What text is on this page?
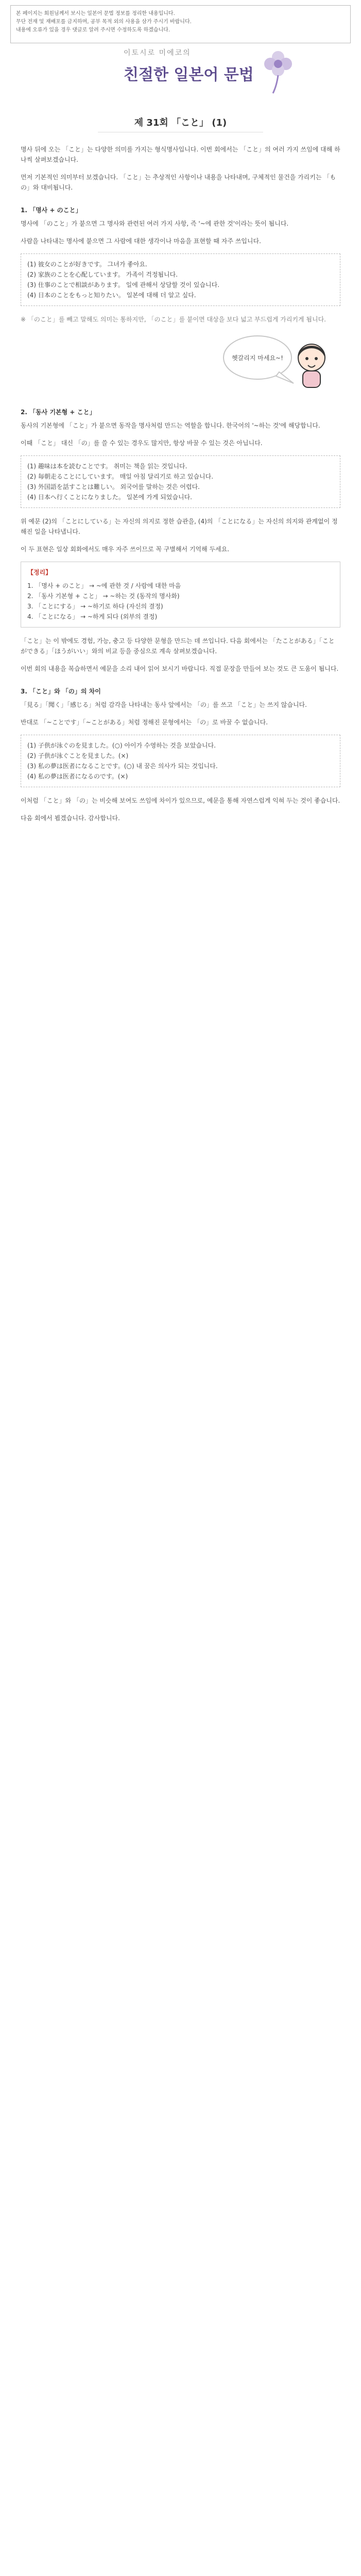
본 페이지는 회원님께서 보시는 일본어 문법 정보를 정리한 내용입니다.
무단 전재 및 재배포를 금지하며, 공부 목적 외의 사용을 삼가 주시기 바랍니다.
내용에 오류가 있을 경우 댓글로 알려 주시면 수정하도록 하겠습니다.
이토시로 미에코의
친절한 일본어 문법
제 31회 「こと」 (1)

명사 뒤에 오는 「こと」는 다양한 의미를 가지는 형식명사입니다. 이번 회에서는 「こと」의 여러 가지 쓰임에 대해 하나씩 살펴보겠습니다.

먼저 기본적인 의미부터 보겠습니다. 「こと」는 추상적인 사항이나 내용을 나타내며, 구체적인 물건을 가리키는 「もの」와 대비됩니다.

1. 「명사 + のこと」

명사에 「のこと」가 붙으면 그 명사와 관련된 여러 가지 사항, 즉 '~에 관한 것'이라는 뜻이 됩니다.

사람을 나타내는 명사에 붙으면 그 사람에 대한 생각이나 마음을 표현할 때 자주 쓰입니다.

(1) 彼女のことが好きです。 그녀가 좋아요.
(2) 家族のことを心配しています。 가족이 걱정됩니다.
(3) 仕事のことで相談があります。 일에 관해서 상담할 것이 있습니다.
(4) 日本のことをもっと知りたい。 일본에 대해 더 알고 싶다.

※ 「のこと」를 빼고 말해도 의미는 통하지만, 「のこと」를 붙이면 대상을 보다 넓고 부드럽게 가리키게 됩니다.

헷갈리지 마세요~!
2. 「동사 기본형 + こと」

동사의 기본형에 「こと」가 붙으면 동작을 명사처럼 만드는 역할을 합니다. 한국어의 '~하는 것'에 해당합니다.

이때 「こと」 대신 「の」를 쓸 수 있는 경우도 많지만, 항상 바꿀 수 있는 것은 아닙니다.

(1) 趣味は本を読むことです。 취미는 책을 읽는 것입니다.
(2) 毎朝走ることにしています。 매일 아침 달리기로 하고 있습니다.
(3) 外国語を話すことは難しい。 외국어를 말하는 것은 어렵다.
(4) 日本へ行くことになりました。 일본에 가게 되었습니다.

위 예문 (2)의 「ことにしている」는 자신의 의지로 정한 습관을, (4)의 「ことになる」는 자신의 의지와 관계없이 정해진 일을 나타냅니다.

이 두 표현은 일상 회화에서도 매우 자주 쓰이므로 꼭 구별해서 기억해 두세요.

【정리】
1. 「명사 + のこと」 → ~에 관한 것 / 사람에 대한 마음
2. 「동사 기본형 + こと」 → ~하는 것 (동작의 명사화)
3. 「ことにする」 → ~하기로 하다 (자신의 결정)
4. 「ことになる」 → ~하게 되다 (외부의 결정)

「こと」는 이 밖에도 경험, 가능, 충고 등 다양한 문형을 만드는 데 쓰입니다. 다음 회에서는 「たことがある」「ことができる」「ほうがいい」와의 비교 등을 중심으로 계속 살펴보겠습니다.

이번 회의 내용을 복습하면서 예문을 소리 내어 읽어 보시기 바랍니다. 직접 문장을 만들어 보는 것도 큰 도움이 됩니다.

3. 「こと」와 「の」의 차이

「見る」「聞く」「感じる」처럼 감각을 나타내는 동사 앞에서는 「の」를 쓰고 「こと」는 쓰지 않습니다.

반대로 「~ことです」「~ことがある」처럼 정해진 문형에서는 「の」로 바꿀 수 없습니다.

(1) 子供が泳ぐのを見ました。(○) 아이가 수영하는 것을 보았습니다.
(2) 子供が泳ぐことを見ました。(×)
(3) 私の夢は医者になることです。(○) 내 꿈은 의사가 되는 것입니다.
(4) 私の夢は医者になるのです。(×)

이처럼 「こと」와 「の」는 비슷해 보여도 쓰임에 차이가 있으므로, 예문을 통해 자연스럽게 익혀 두는 것이 좋습니다.

다음 회에서 뵙겠습니다. 감사합니다.
